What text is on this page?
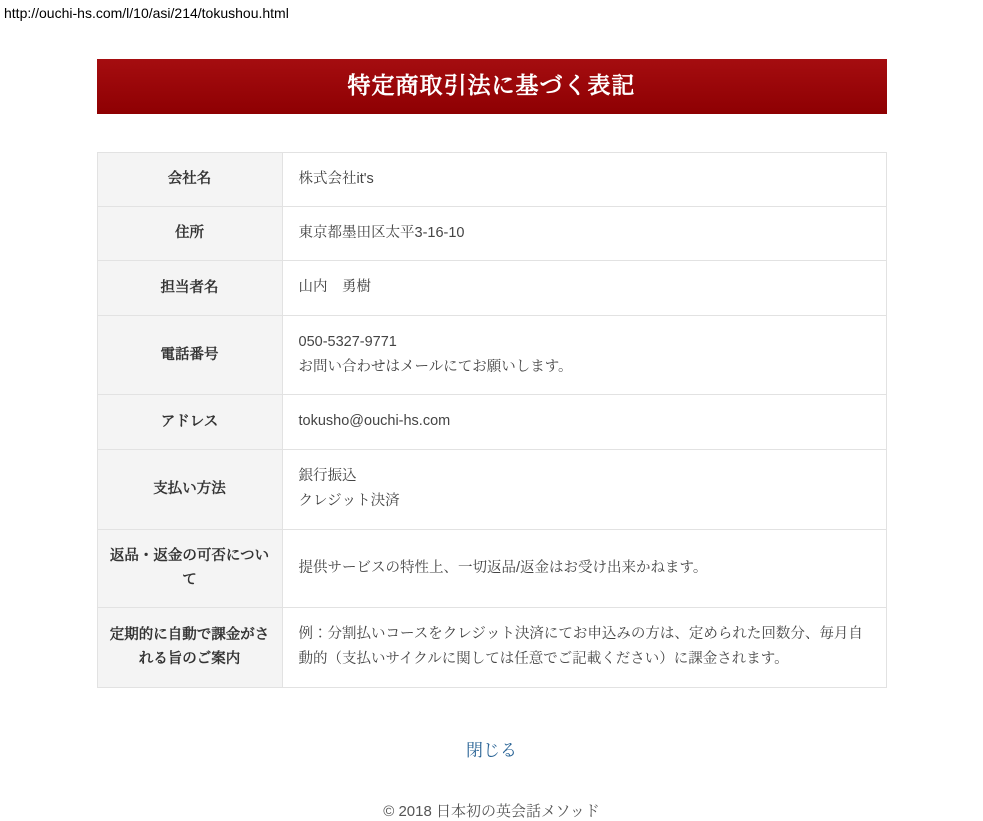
http://ouchi-hs.com/l/10/asi/214/tokushou.html
特定商取引法に基づく表記
会社名	株式会社it's

住所	東京都墨田区太平3-16-10

担当者名	山内　勇樹

電話番号	050-5327-9771
お問い合わせはメールにてお願いします。

アドレス	tokusho@ouchi-hs.com

支払い方法	銀行振込
クレジット決済

返品・返金の可否について	提供サービスの特性上、一切返品/返金はお受け出来かねます。

定期的に自動で課金がされる旨のご案内	例：分割払いコースをクレジット決済にてお申込みの方は、定められた回数分、毎月自動的（支払いサイクルに関しては任意でご記載ください）に課金されます。
閉じる
© 2018 日本初の英会話メソッド
